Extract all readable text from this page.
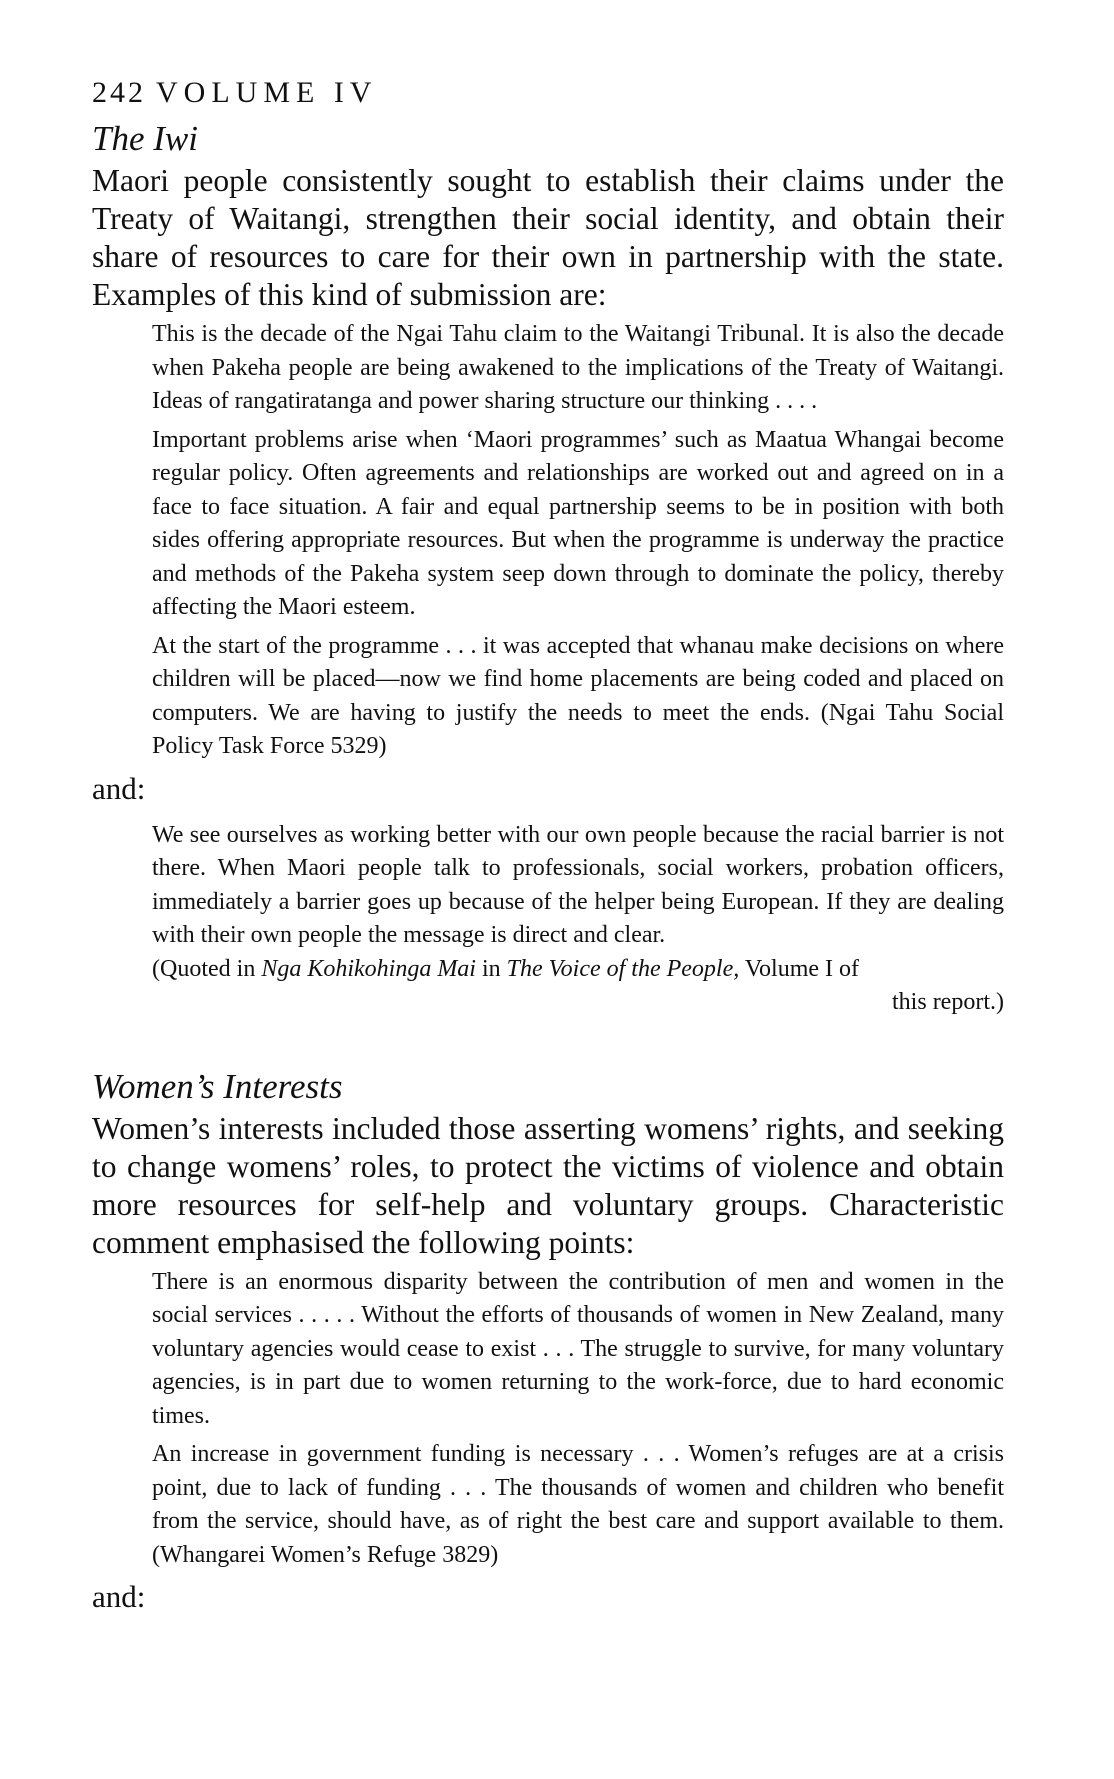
242 VOLUME IV
The Iwi

Maori people consistently sought to establish their claims under the Treaty of Waitangi, strengthen their social identity, and obtain their share of resources to care for their own in partnership with the state. Examples of this kind of submission are:

This is the decade of the Ngai Tahu claim to the Waitangi Tribunal. It is also the decade when Pakeha people are being awakened to the implications of the Treaty of Waitangi. Ideas of rangatiratanga and power sharing structure our thinking . . . .

Important problems arise when ‘Maori programmes’ such as Maatua Whangai become regular policy. Often agreements and relationships are worked out and agreed on in a face to face situation. A fair and equal partnership seems to be in position with both sides offering appropriate resources. But when the programme is underway the practice and methods of the Pakeha system seep down through to dominate the policy, thereby affecting the Maori esteem.

At the start of the programme . . . it was accepted that whanau make decisions on where children will be placed—now we find home placements are being coded and placed on computers. We are having to justify the needs to meet the ends. (Ngai Tahu Social Policy Task Force 5329)

and:

We see ourselves as working better with our own people because the racial barrier is not there. When Maori people talk to professionals, social workers, probation officers, immediately a barrier goes up because of the helper being European. If they are dealing with their own people the message is direct and clear.

(Quoted in Nga Kohikohinga Mai in The Voice of the People, Volume I of
this report.)
Women’s Interests

Women’s interests included those asserting womens’ rights, and seeking to change womens’ roles, to protect the victims of violence and obtain more resources for self-help and voluntary groups. Characteristic comment emphasised the following points:

There is an enormous disparity between the contribution of men and women in the social services . . . . . Without the efforts of thousands of women in New Zealand, many voluntary agencies would cease to exist . . . The struggle to survive, for many voluntary agencies, is in part due to women returning to the work-force, due to hard economic times.

An increase in government funding is necessary . . . Women’s refuges are at a crisis point, due to lack of funding . . . The thousands of women and children who benefit from the service, should have, as of right the best care and support available to them. (Whangarei Women’s Refuge 3829)

and:
